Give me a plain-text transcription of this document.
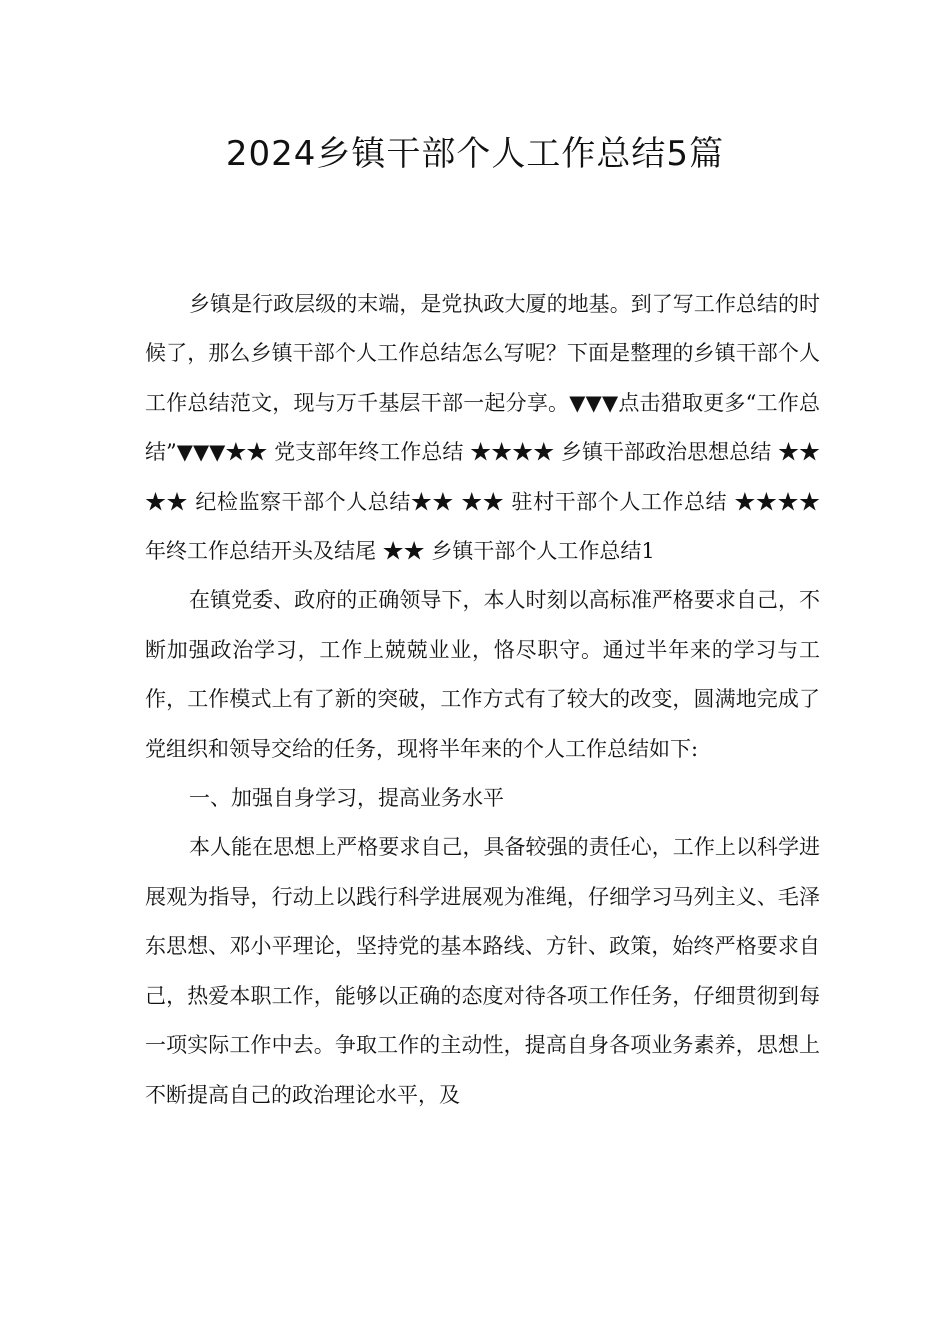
2024乡镇干部个人工作总结5篇

乡镇是行政层级的末端，是党执政大厦的地基。到了写工作总结的时候了，那么乡镇干部个人工作总结怎么写呢？下面是整理的乡镇干部个人工作总结范文，现与万千基层干部一起分享。▼▼▼点击猎取更多“工作总结”▼▼▼★★ 党支部年终工作总结 ★★★★ 乡镇干部政治思想总结 ★★ ★★ 纪检监察干部个人总结★★ ★★ 驻村干部个人工作总结 ★★★★ 年终工作总结开头及结尾 ★★ 乡镇干部个人工作总结1

在镇党委、政府的正确领导下，本人时刻以高标准严格要求自己，不断加强政治学习，工作上兢兢业业，恪尽职守。通过半年来的学习与工作，工作模式上有了新的突破，工作方式有了较大的改变，圆满地完成了党组织和领导交给的任务，现将半年来的个人工作总结如下:

一、加强自身学习，提高业务水平

本人能在思想上严格要求自己，具备较强的责任心，工作上以科学进展观为指导，行动上以践行科学进展观为准绳，仔细学习马列主义、毛泽东思想、邓小平理论，坚持党的基本路线、方针、政策，始终严格要求自己，热爱本职工作，能够以正确的态度对待各项工作任务，仔细贯彻到每一项实际工作中去。争取工作的主动性，提高自身各项业务素养，思想上不断提高自己的政治理论水平，及
